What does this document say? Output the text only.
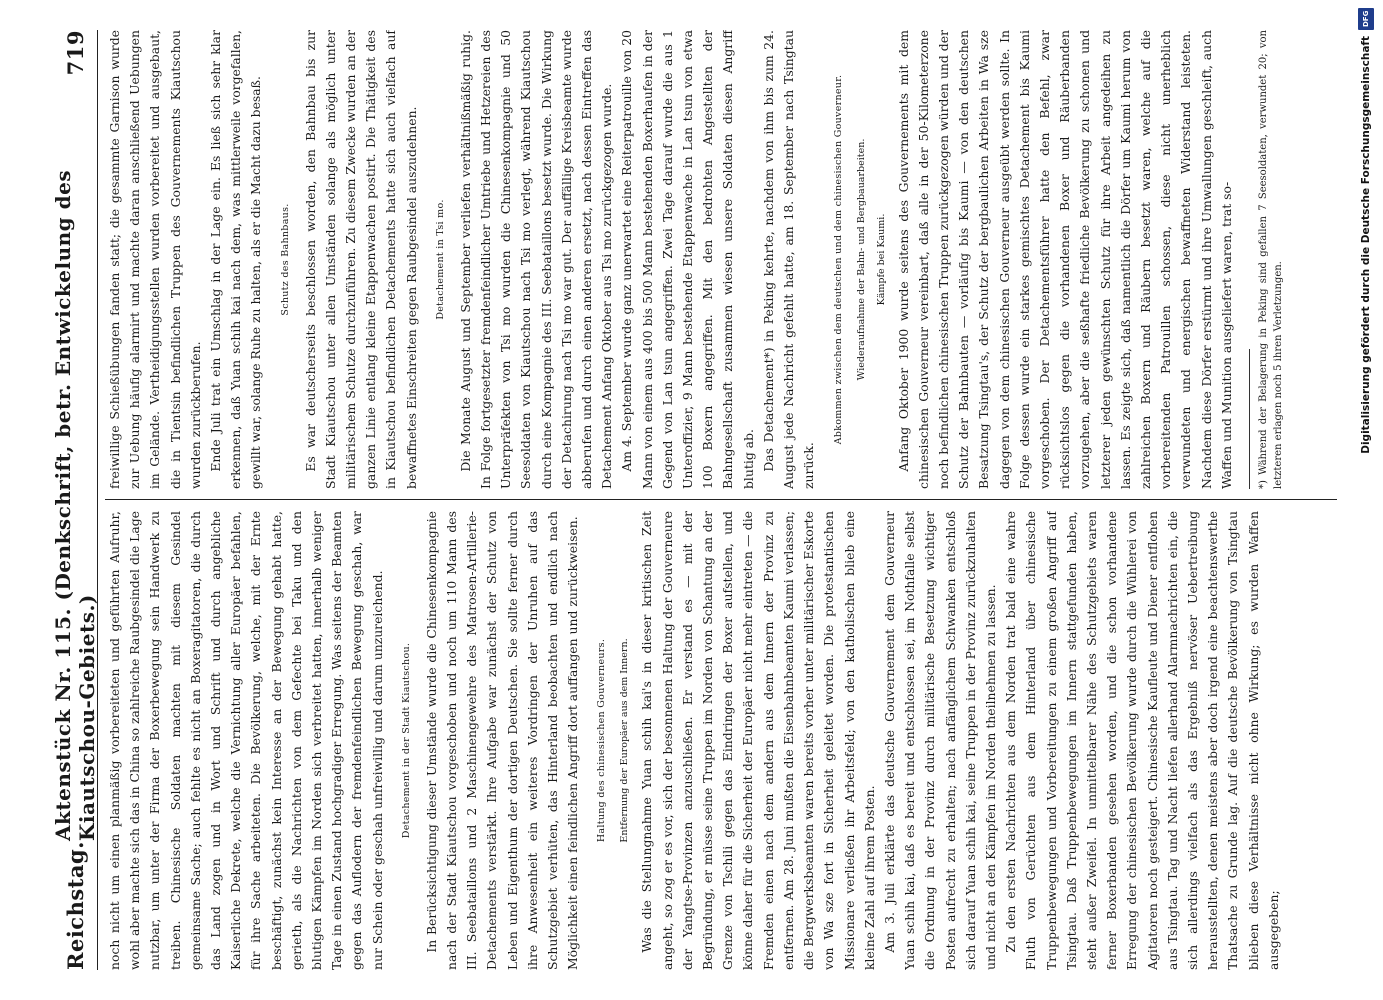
Reichstag.
Aktenstück Nr. 115. (Denkschrift, betr. Entwickelung des Kiautschou-Gebiets.)
719

noch nicht um einen planmäßig vorbereiteten und geführten Aufruhr, wohl aber machte sich das in China so zahlreiche Raubgesindel die Lage nutzbar, um unter der Firma der Boxerbewegung sein Handwerk zu treiben. Chinesische Soldaten machten mit diesem Gesindel gemeinsame Sache; auch fehlte es nicht an Boxeragitatoren, die durch das Land zogen und in Wort und Schrift und durch angebliche Kaiserliche Dekrete, welche die Vernichtung aller Europäer befahlen, für ihre Sache arbeiteten. Die Bevölkerung, welche, mit der Ernte beschäftigt, zunächst kein Interesse an der Bewegung gehabt hatte, gerieth, als die Nachrichten von dem Gefechte bei Taku und den blutigen Kämpfen im Norden sich verbreitet hatten, innerhalb weniger Tage in einen Zustand hochgradiger Erregung. Was seitens der Beamten gegen das Auflodern der fremdenfeindlichen Bewegung geschah, war nur Schein oder geschah unfreiwillig und darum unzureichend.	Detachement in der Stadt Kiautschou. In Berücksichtigung dieser Umstände wurde die Chinesenkompagnie nach der Stadt Kiautschou vorgeschoben und noch um 110 Mann des III. Seebataillons und 2 Maschinengewehre des Matrosen-Artillerie-Detachements verstärkt. Ihre Aufgabe war zunächst der Schutz von Leben und Eigenthum der dortigen Deutschen. Sie sollte ferner durch ihre Anwesenheit ein weiteres Vordringen der Unruhen auf das Schutzgebiet verhüten, das Hinterland beobachten und endlich nach Möglichkeit einen feindlichen Angriff dort auffangen und zurückweisen.	Haltung des chinesischen Gouverneurs.	Entfernung der Europäer aus dem Innern. Was die Stellungnahme Yuan schih kai's in dieser kritischen Zeit angeht, so zog er es vor, sich der besonnenen Haltung der Gouverneure der Yangtse-Provinzen anzuschließen. Er verstand es — mit der Begründung, er müsse seine Truppen im Norden von Schantung an der Grenze von Tschili gegen das Eindringen der Boxer aufstellen, und könne daher für die Sicherheit der Europäer nicht mehr eintreten — die Fremden einen nach dem andern aus dem Innern der Provinz zu entfernen. Am 28. Juni mußten die Eisenbahnbeamten Kaumi verlassen; die Bergwerksbeamten waren bereits vorher unter militärischer Eskorte von Wa sze fort in Sicherheit geleitet worden. Die protestantischen Missionare verließen ihr Arbeitsfeld; von den katholischen blieb eine kleine Zahl auf ihrem Posten. Am 3. Juli erklärte das deutsche Gouvernement dem Gouverneur Yuan schih kai, daß es bereit und entschlossen sei, im Nothfalle selbst die Ordnung in der Provinz durch militärische Besetzung wichtiger Posten aufrecht zu erhalten; nach anfänglichem Schwanken entschloß sich darauf Yuan schih kai, seine Truppen in der Provinz zurückzuhalten und nicht an den Kämpfen im Norden theilnehmen zu lassen. Zu den ersten Nachrichten aus dem Norden trat bald eine wahre Fluth von Gerüchten aus dem Hinterland über chinesische Truppenbewegungen und Vorbereitungen zu einem großen Angriff auf Tsingtau. Daß Truppenbewegungen im Innern stattgefunden haben, steht außer Zweifel. In unmittelbarer Nähe des Schutzgebiets waren ferner Boxerbanden gesehen worden, und die schon vorhandene Erregung der chinesischen Bevölkerung wurde durch die Wühlerei von Agitatoren noch gesteigert. Chinesische Kaufleute und Diener entflohen aus Tsingtau. Tag und Nacht liefen allerhand Alarmnachrichten ein, die sich allerdings vielfach als das Ergebniß nervöser Uebertreibung herausstellten, denen meistens aber doch irgend eine beachtenswerthe Thatsache zu Grunde lag. Auf die deutsche Bevölkerung von Tsingtau blieben diese Verhältnisse nicht ohne Wirkung; es wurden Waffen ausgegeben;

freiwillige Schießübungen fanden statt; die gesammte Garnison wurde zur Uebung häufig alarmirt und machte daran anschließend Uebungen im Gelände. Vertheidigungsstellen wurden vorbereitet und ausgebaut, die in Tientsin befindlichen Truppen des Gouvernements Kiautschou wurden zurückberufen. Ende Juli trat ein Umschlag in der Lage ein. Es ließ sich sehr klar erkennen, daß Yuan schih kai nach dem, was mittlerweile vorgefallen, gewillt war, solange Ruhe zu halten, als er die Macht dazu besaß.	Schutz des Bahnbaus. Es war deutscherseits beschlossen worden, den Bahnbau bis zur Stadt Kiautschou unter allen Umständen solange als möglich unter militärischem Schutze durchzuführen. Zu diesem Zwecke wurden an der ganzen Linie entlang kleine Etappenwachen postirt. Die Thätigkeit des in Kiautschou befindlichen Detachements hatte sich auch vielfach auf bewaffnetes Einschreiten gegen Raubgesindel auszudehnen.	Detachement in Tsi mo. Die Monate August und September verliefen verhältnißmäßig ruhig. In Folge fortgesetzter fremdenfeindlicher Umtriebe und Hetzereien des Unterpräfekten von Tsi mo wurden die Chinesenkompagnie und 50 Seesoldaten von Kiautschou nach Tsi mo verlegt, während Kiautschou durch eine Kompagnie des III. Seebataillons besetzt wurde. Die Wirkung der Detachirung nach Tsi mo war gut. Der auffällige Kreisbeamte wurde abberufen und durch einen anderen ersetzt, nach dessen Eintreffen das Detachement Anfang Oktober aus Tsi mo zurückgezogen wurde. Am 4. September wurde ganz unerwartet eine Reiterpatrouille von 20 Mann von einem aus 400 bis 500 Mann bestehenden Boxerhaufen in der Gegend von Lan tsun angegriffen. Zwei Tage darauf wurde die aus 1 Unteroffizier, 9 Mann bestehende Etappenwache in Lan tsun von etwa 100 Boxern angegriffen. Mit den bedrohten Angestellten der Bahngesellschaft zusammen wiesen unsere Soldaten diesen Angriff blutig ab. Das Detachement*) in Peking kehrte, nachdem von ihm bis zum 24. August jede Nachricht gefehlt hatte, am 18. September nach Tsingtau zurück.

Abkommen zwischen dem deutschen und dem chinesischen Gouverneur.	Wiederaufnahme der Bahn- und Bergbauarbeiten. Kämpfe bei Kaumi. Anfang Oktober 1900 wurde seitens des Gouvernements mit dem chinesischen Gouverneur vereinbart, daß alle in der 50-Kilometerzone noch befindlichen chinesischen Truppen zurückgezogen würden und der Schutz der Bahnbauten — vorläufig bis Kaumi — von den deutschen Besatzung Tsingtau's, der Schutz der bergbaulichen Arbeiten in Wa sze dagegen von dem chinesischen Gouverneur ausgeübt werden sollte. In Folge dessen wurde ein starkes gemischtes Detachement bis Kaumi vorgeschoben. Der Detachementsführer hatte den Befehl, zwar rücksichtslos gegen die vorhandenen Boxer und Räuberbanden vorzugehen, aber die seßhafte friedliche Bevölkerung zu schonen und letzterer jeden gewünschten Schutz für ihre Arbeit angedeihen zu lassen. Es zeigte sich, daß namentlich die Dörfer um Kaumi herum von zahlreichen Boxern und Räubern besetzt waren, welche auf die vorbereitenden Patrouillen schossen, diese nicht unerheblich verwundeten und energischen bewaffneten Widerstand leisteten. Nachdem diese Dörfer erstürmt und ihre Umwallungen geschleift, auch Waffen und Munition ausgeliefert waren, trat so-	*) Während der Belagerung in Peking sind gefallen 7 Seesoldaten, verwundet 20; von letzteren erlagen noch 5 ihren Verletzungen.
DFG
Digitalisierung gefördert durch die Deutsche Forschungsgemeinschaft
